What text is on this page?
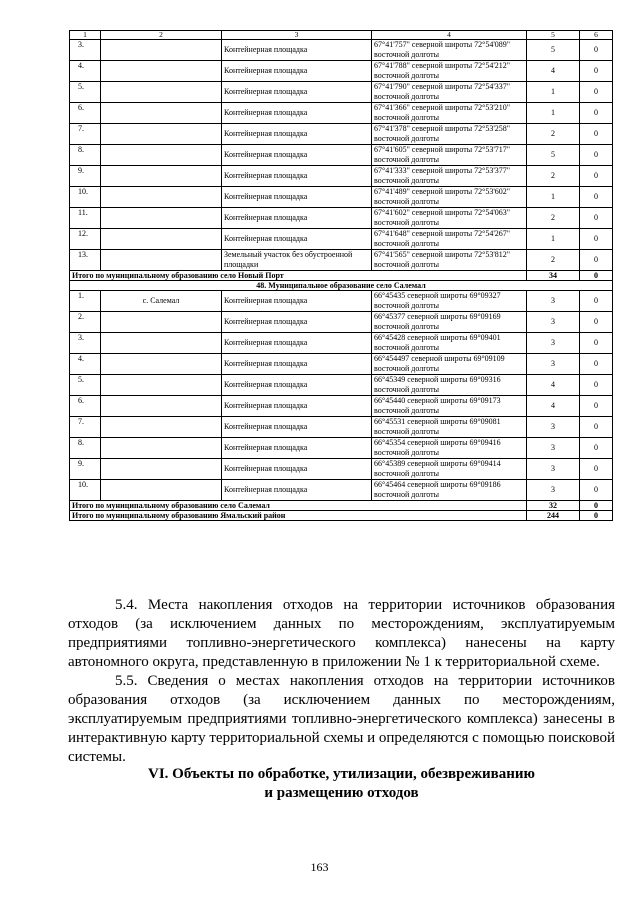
1	2	3	4	5	6
3.		Контейнерная площадка	67°41'757" северной широты 72°54'089" восточной долготы	5	0
4.		Контейнерная площадка	67°41'788" северной широты 72°54'212" восточной долготы	4	0
5.		Контейнерная площадка	67°41'790" северной широты 72°54'337" восточной долготы	1	0
6.		Контейнерная площадка	67°41'366" северной широты 72°53'210" восточной долготы	1	0
7.		Контейнерная площадка	67°41'378" северной широты 72°53'258" восточной долготы	2	0
8.		Контейнерная площадка	67°41'605" северной широты 72°53'717" восточной долготы	5	0
9.		Контейнерная площадка	67°41'333" северной широты 72°53'377" восточной долготы	2	0
10.		Контейнерная площадка	67°41'489" северной широты 72°53'602" восточной долготы	1	0
11.		Контейнерная площадка	67°41'602" северной широты 72°54'063" восточной долготы	2	0
12.		Контейнерная площадка	67°41'648" северной широты 72°54'267" восточной долготы	1	0
13.		Земельный участок без обустроенной площадки	67°41'565" северной широты 72°53'812" восточной долготы	2	0
Итого по муниципальному образованию село Новый Порт				34	0
48. Муниципальное образование село Салемал					
1.	с. Салемал	Контейнерная площадка	66°45435 северной широты 69°09327 восточной долготы	3	0
2.		Контейнерная площадка	66°45377 северной широты 69°09169 восточной долготы	3	0
3.		Контейнерная площадка	66°45428 северной широты 69°09401 восточной долготы	3	0
4.		Контейнерная площадка	66°454497 северной широты 69°09109 восточной долготы	3	0
5.		Контейнерная площадка	66°45349 северной широты 69°09316 восточной долготы	4	0
6.		Контейнерная площадка	66°45440 северной широты 69°09173 восточной долготы	4	0
7.		Контейнерная площадка	66°45531 северной широты 69°09081 восточной долготы	3	0
8.		Контейнерная площадка	66°45354 северной широты 69°09416 восточной долготы	3	0
9.		Контейнерная площадка	66°45389 северной широты 69°09414 восточной долготы	3	0
10.		Контейнерная площадка	66°45464 северной широты 69°09186 восточной долготы	3	0
Итого по муниципальному образованию село Салемал				32	0
Итого по муниципальному образованию Ямальский район				244	0

5.4. Места накопления отходов на территории источников образования отходов (за исключением данных по месторождениям, эксплуатируемым предприятиями топливно-энергетического комплекса) нанесены на карту автономного округа, представленную в приложении № 1 к территориальной схеме.

5.5. Сведения о местах накопления отходов на территории источников образования отходов (за исключением данных по месторождениям, эксплуатируемым предприятиями топливно-энергетического комплекса) занесены в интерактивную карту территориальной схемы и определяются с помощью поисковой системы.

VI. Объекты по обработке, утилизации, обезвреживанию
и размещению отходов
163
